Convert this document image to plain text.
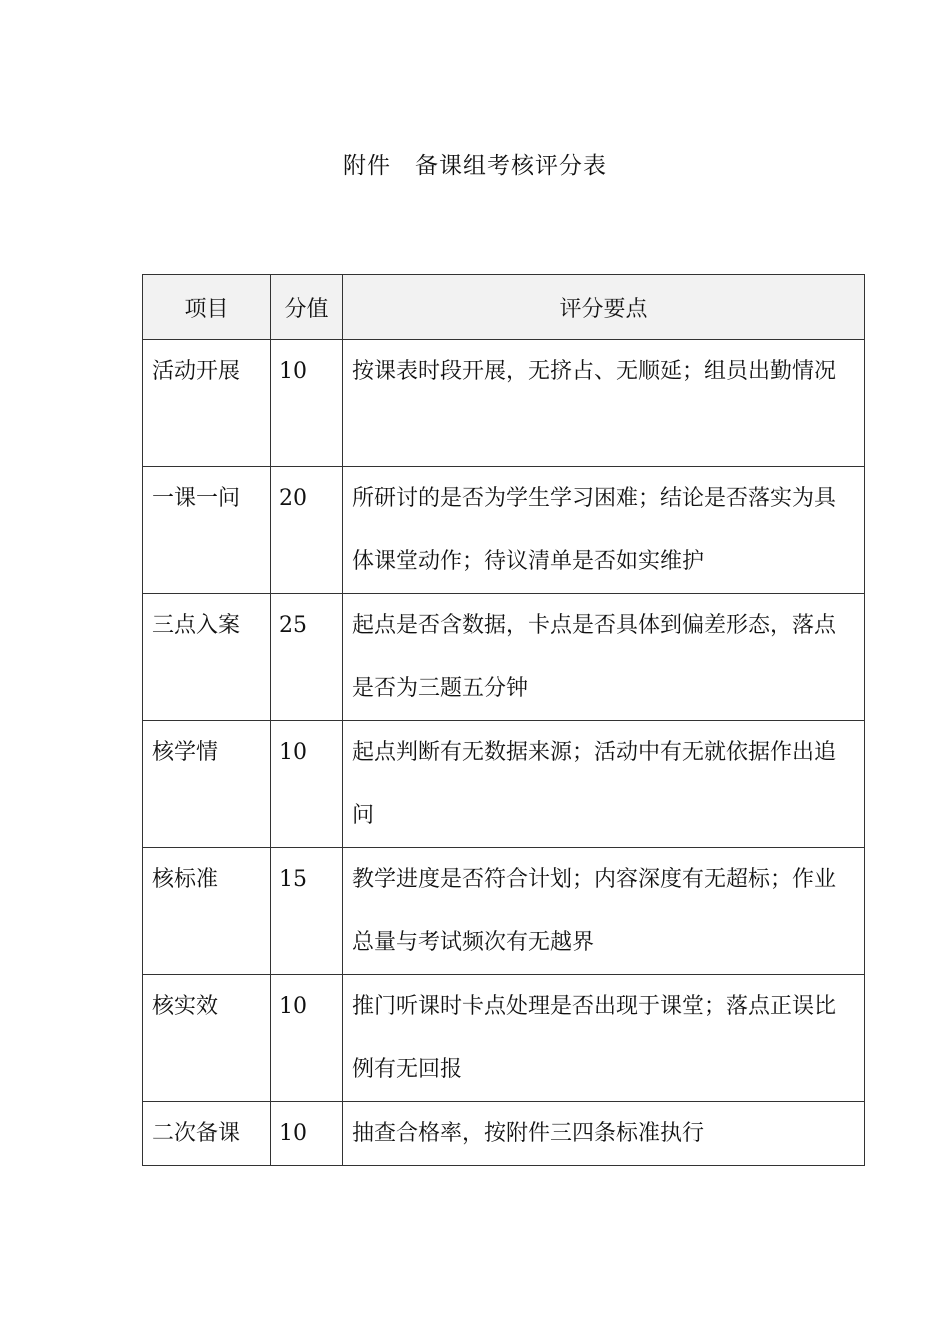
附件　备课组考核评分表
项目	分值	评分要点
活动开展	10	按课表时段开展，无挤占、无顺延；组员出勤情况
一课一问	20	所研讨的是否为学生学习困难；结论是否落实为具体课堂动作；待议清单是否如实维护
三点入案	25	起点是否含数据，卡点是否具体到偏差形态，落点是否为三题五分钟
核学情	10	起点判断有无数据来源；活动中有无就依据作出追问
核标准	15	教学进度是否符合计划；内容深度有无超标；作业总量与考试频次有无越界
核实效	10	推门听课时卡点处理是否出现于课堂；落点正误比例有无回报
二次备课	10	抽查合格率，按附件三四条标准执行
